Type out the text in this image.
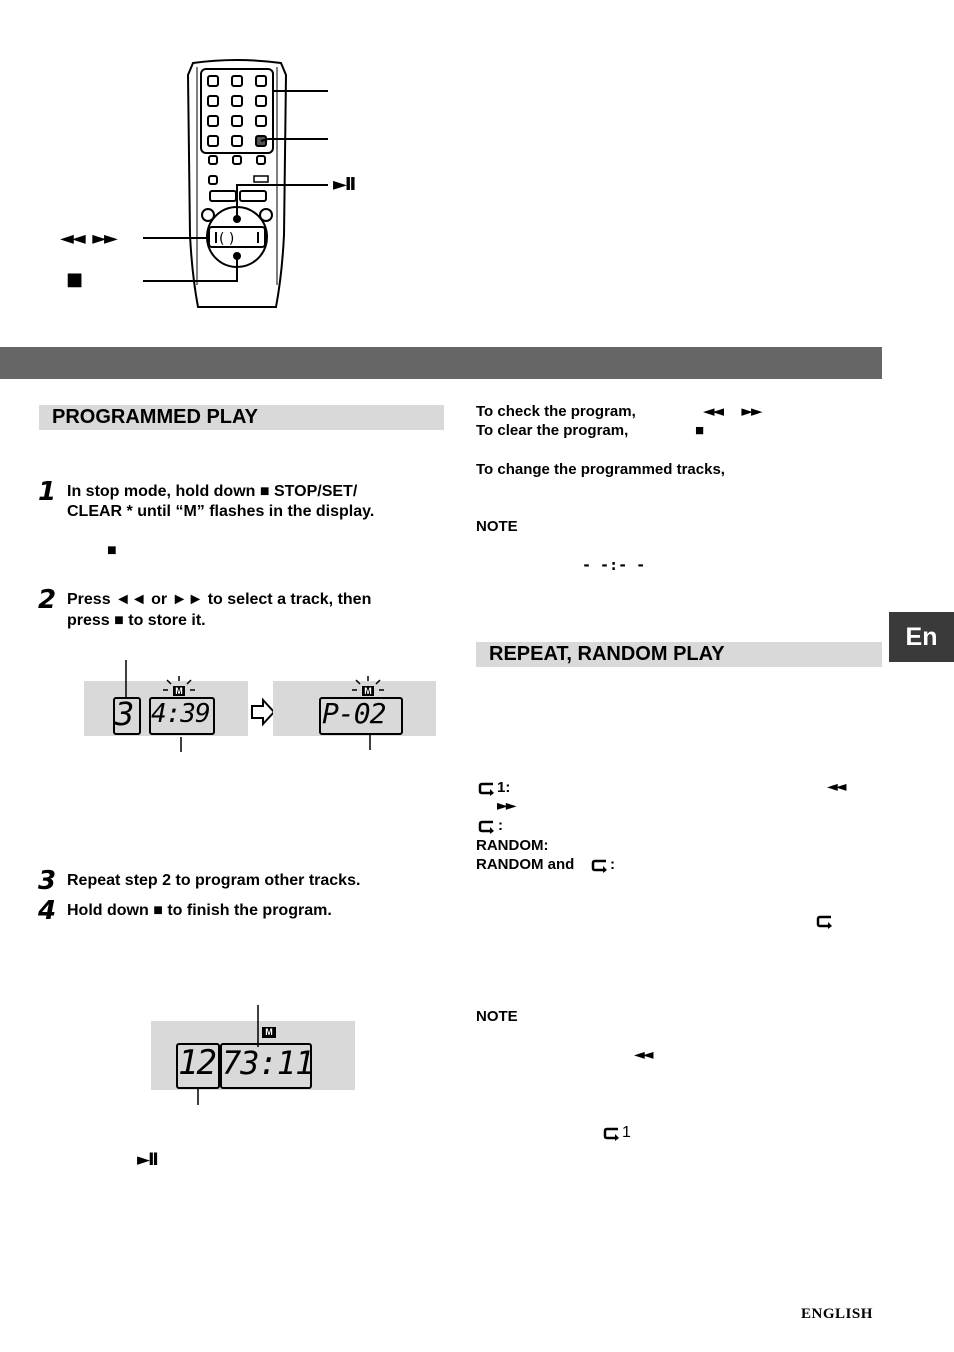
( )
►II
◄◄  ►►
■
PROGRAMMED PLAY
1 In stop mode, hold down ■ STOP/SET/
CLEAR * until “M” flashes in the display.
■
2 Press ◄◄ or ►► to select a track, then
press ■ to store it.
3 4:39
M
P-02
M
3 Repeat step 2 to program other tracks.
4 Hold down ■ to finish the program.
12 73:11
M
►II
To check the program,	◄◄      ►►
To clear the program,	■
To change the programmed tracks,
NOTE
- -:- -
REPEAT, RANDOM PLAY
1:	◄◄
►►
:
RANDOM:
RANDOM and :
NOTE
◄◄
1
En
ENGLISH
